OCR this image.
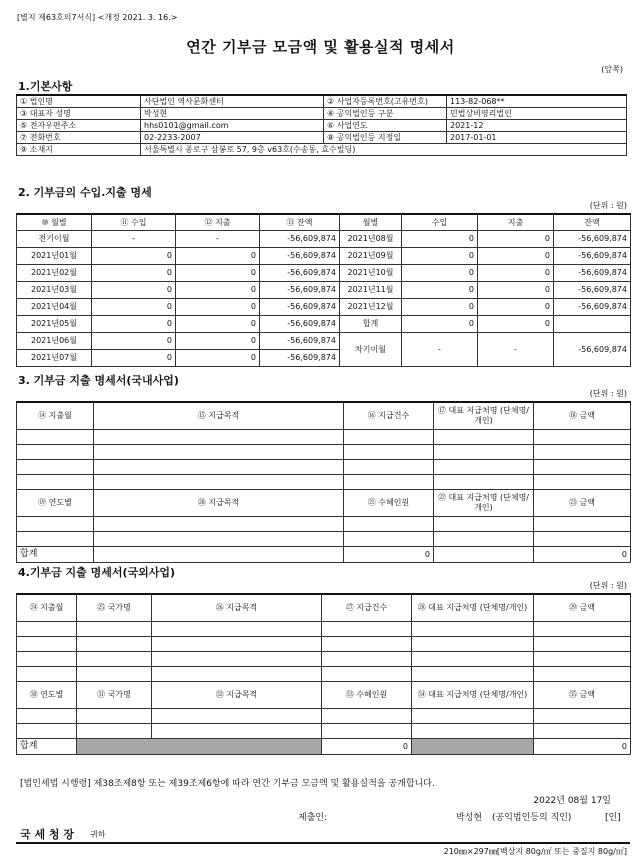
[별지 제63호의7서식] <개정 2021. 3. 16.>
연간 기부금 모금액 및 활용실적 명세서
(앞쪽)
1.기본사항
① 법인명	사단법인 역사문화센터	② 사업자등록번호(고유번호)	113-82-068**
③ 대표자 성명	박성현	④ 공익법인등 구분	민법상비영리법인
⑤ 전자우편주소	hhs0101@gmail.com	⑥ 사업연도	2021-12
⑦ 전화번호	02-2233-2007	⑧ 공익법인등 지정일	2017-01-01
⑨ 소재지	서울특별시 종로구 삼봉로 57, 9층 v63호(수송동, 효수빌딩)		
2. 기부금의 수입.지출 명세
(단위 : 원)
⑩ 월별	⑪ 수입	⑫ 지출	⑬ 잔액	월별	수입	지출	잔액
전기이월	-	-	-56,609,874	2021년08월	0	0	-56,609,874
2021년01월	0	0	-56,609,874	2021년09월	0	0	-56,609,874
2021년02월	0	0	-56,609,874	2021년10월	0	0	-56,609,874
2021년03월	0	0	-56,609,874	2021년11월	0	0	-56,609,874
2021년04월	0	0	-56,609,874	2021년12월	0	0	-56,609,874
2021년05월	0	0	-56,609,874	합계	0	0	
2021년06월	0	0	-56,609,874	차기이월	-	-	-56,609,874
2021년07월	0	0	-56,609,874				
3. 기부금 지출 명세서(국내사업)
(단위 : 원)
⑭ 지출월	⑮ 지급목적	⑯ 지급건수	⑰ 대표 지급처명 (단체명/개인)	⑱ 금액

⑲ 연도별	⑳ 지급목적	㉑ 수혜인원	㉒ 대표 지급처명 (단체명/개인)	㉓ 금액

합계		0		0
4.기부금 지출 명세서(국외사업)
(단위 : 원)
㉔ 지출월	㉕ 국가명	㉖ 지급목적	㉗ 지급건수	㉘ 대표 지급처명 (단체명/개인)	㉙ 금액

㉚ 연도별	㉛ 국가명	㉜ 지급목적	㉝ 수혜인원	㉞ 대표 지급처명 (단체명/개인)	㉟ 금액

합계			0		0
[법인세법 시행령] 제38조제8항 또는 제39조제6항에 따라 연간 기부금 모금액 및 활용실적을 공개합니다.
2022년 08월 17일
제출인:	박성현 (공익법인등의 직인)	[인]
국 세 청 장 귀하
210㎜×297㎜[백상지 80g/㎡ 또는 중질지 80g/㎡]
